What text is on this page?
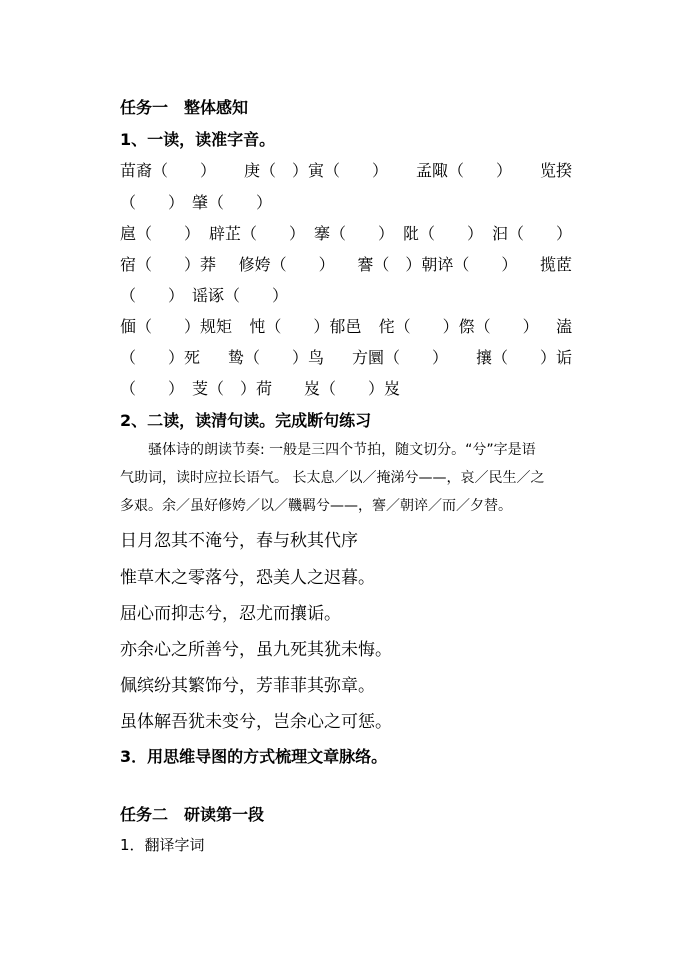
任务一　整体感知
1、一读，读准字音。
苗裔（　　） 庚（　）寅（　　） 孟陬（　　） 览揆
（　　）　肇（　　）
扈（　　） 辟芷（　　） 搴（　　） 阰（　　） 汩（　　）
宿（　　）莽 修姱（　　） 謇（　）朝谇（　　） 揽茝
（　　）　谣诼（　　）
偭（　　）规矩 忳（　　）郁邑 侘（　　）傺（　　） 溘
（　　）死 鸷（　　）鸟 方圜（　　） 攘（　　）诟
（　　）　芰（　）荷　　岌（　　）岌
2、二读，读清句读。完成断句练习
骚体诗的朗读节奏: 一般是三四个节拍，随文切分。“兮”字是语
气助词，读时应拉长语气。 长太息／以／掩涕兮——，哀／民生／之
多艰。余／虽好修姱／以／鞿羁兮——，謇／朝谇／而／夕替。
日月忽其不淹兮，春与秋其代序
惟草木之零落兮，恐美人之迟暮。
屈心而抑志兮，忍尤而攘诟。
亦余心之所善兮，虽九死其犹未悔。
佩缤纷其繁饰兮，芳菲菲其弥章。
虽体解吾犹未变兮，岂余心之可惩。
3．用思维导图的方式梳理文章脉络。
任务二　研读第一段
1．翻译字词
